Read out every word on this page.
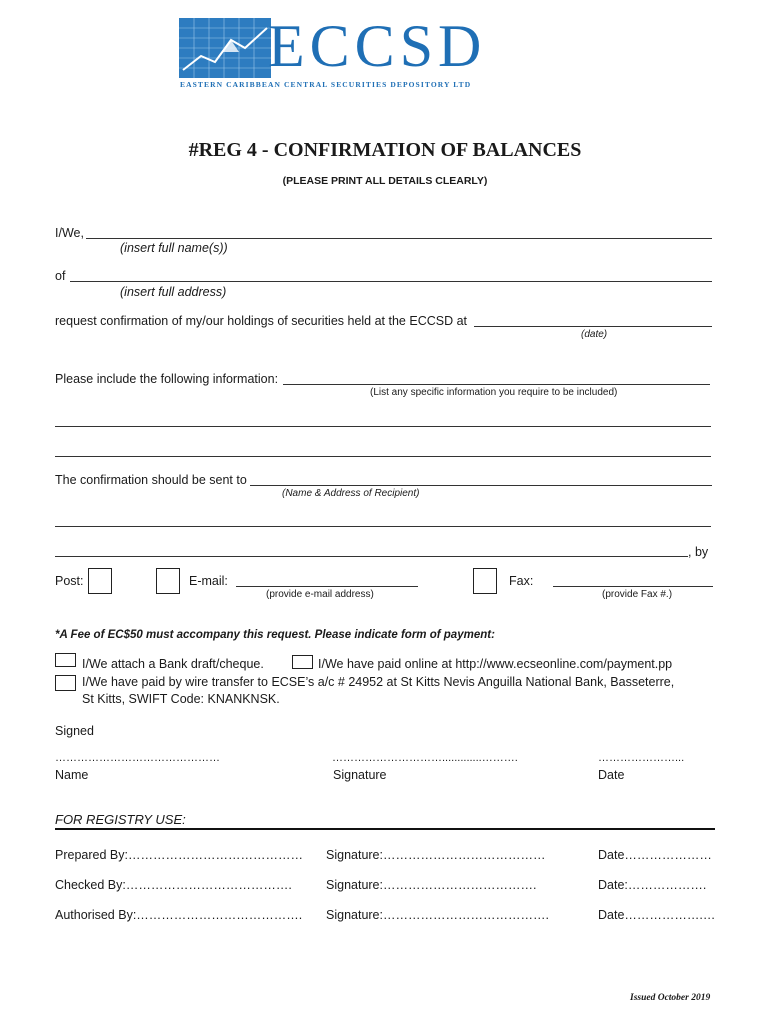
ECCSD
EASTERN CARIBBEAN CENTRAL SECURITIES DEPOSITORY LTD
#REG 4 - CONFIRMATION OF BALANCES
(PLEASE PRINT ALL DETAILS CLEARLY)
I/We,
(insert full name(s))
of
(insert full address)
request confirmation of my/our holdings of securities held at the ECCSD at
(date)
Please include the following information:
(List any specific information you require to be included)
The confirmation should be sent to
(Name & Address of Recipient)
, by
Post:	E-mail:
(provide e-mail address)
Fax:
(provide Fax #.)
*A Fee of EC$50 must accompany this request. Please indicate form of payment:
I/We attach a Bank draft/cheque.	I/We have paid online at http://www.ecseonline.com/payment.pp
I/We have paid by wire transfer to ECSE’s a/c # 24952 at St Kitts Nevis Anguilla National Bank, Basseterre,
St Kitts, SWIFT Code: KNANKNSK.
Signed
………………………………………	………………………….............……….	…………………...
Name	Signature	Date
FOR REGISTRY USE:
Prepared By:…………………………………… Signature:…………………………………	Date…………………
Checked By:………………………………….	Signature:……………………………….	Date:……………….
Authorised By:…………………………………. Signature:………………………………….	Date……………….…
Issued October 2019
